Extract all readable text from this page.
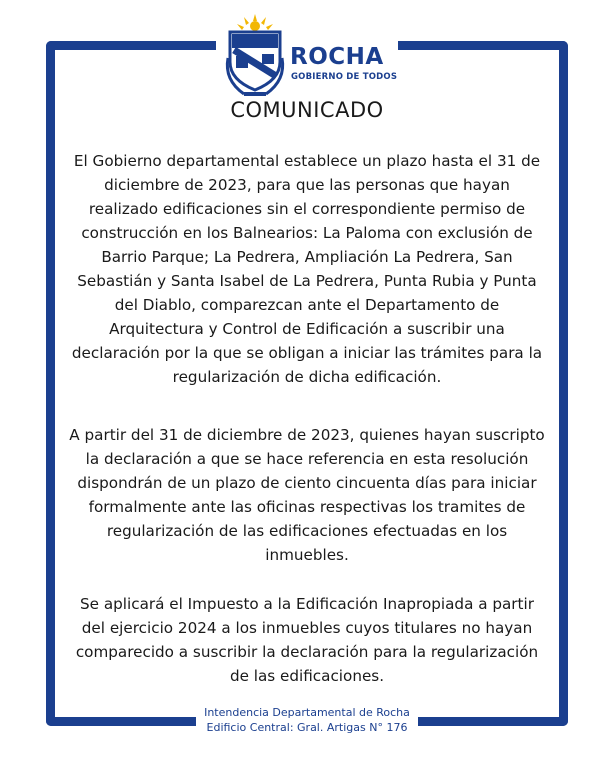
ROCHA
GOBIERNO DE TODOS
COMUNICADO
El Gobierno departamental establece un plazo hasta el 31 de diciembre de 2023, para que las personas que hayan realizado edificaciones sin el correspondiente permiso de construcción en los Balnearios: La Paloma con exclusión de Barrio Parque; La Pedrera, Ampliación La Pedrera, San Sebastián y Santa Isabel de La Pedrera, Punta Rubia y Punta del Diablo, comparezcan ante el Departamento de Arquitectura y Control de Edificación a suscribir una declaración por la que se obligan a iniciar las trámites para la regularización de dicha edificación.
A partir del 31 de diciembre de 2023, quienes hayan suscripto la declaración a que se hace referencia en esta resolución dispondrán de un plazo de ciento cincuenta días para iniciar formalmente ante las oficinas respectivas los tramites de regularización de las edificaciones efectuadas en los inmuebles.
Se aplicará el Impuesto a la Edificación Inapropiada a partir del ejercicio 2024 a los inmuebles cuyos titulares no hayan comparecido a suscribir la declaración para la regularización de las edificaciones.
Intendencia Departamental de Rocha
Edificio Central: Gral. Artigas N° 176
